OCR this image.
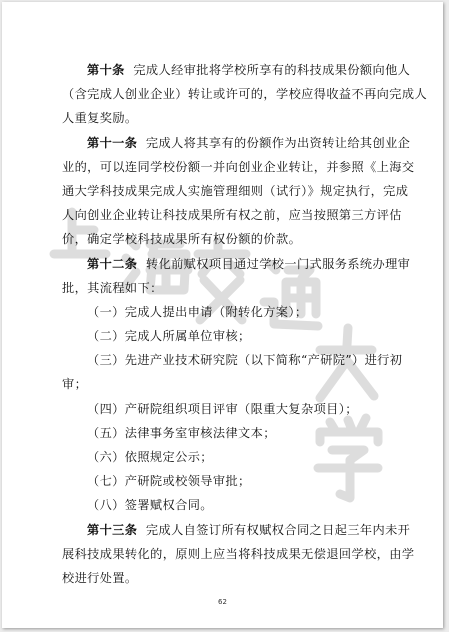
第十条 完成人经审批将学校所享有的科技成果份额向他人
（含完成人创业企业）转让或许可的，学校应得收益不再向完成人
人重复奖励。
第十一条 完成人将其享有的份额作为出资转让给其创业企
业的，可以连同学校份额一并向创业企业转让，并参照《上海交
通大学科技成果完成人实施管理细则（试行）》规定执行，完成
人向创业企业转让科技成果所有权之前，应当按照第三方评估
价，确定学校科技成果所有权份额的价款。
第十二条 转化前赋权项目通过学校一门式服务系统办理审
批，其流程如下：
（一）完成人提出申请（附转化方案）；
（二）完成人所属单位审核；
（三）先进产业技术研究院（以下简称“产研院”）进行初
审；
（四）产研院组织项目评审（限重大复杂项目）；
（五）法律事务室审核法律文本；
（六）依照规定公示；
（七）产研院或校领导审批；
（八）签署赋权合同。
第十三条 完成人自签订所有权赋权合同之日起三年内未开
展科技成果转化的，原则上应当将科技成果无偿退回学校，由学
校进行处置。
62
